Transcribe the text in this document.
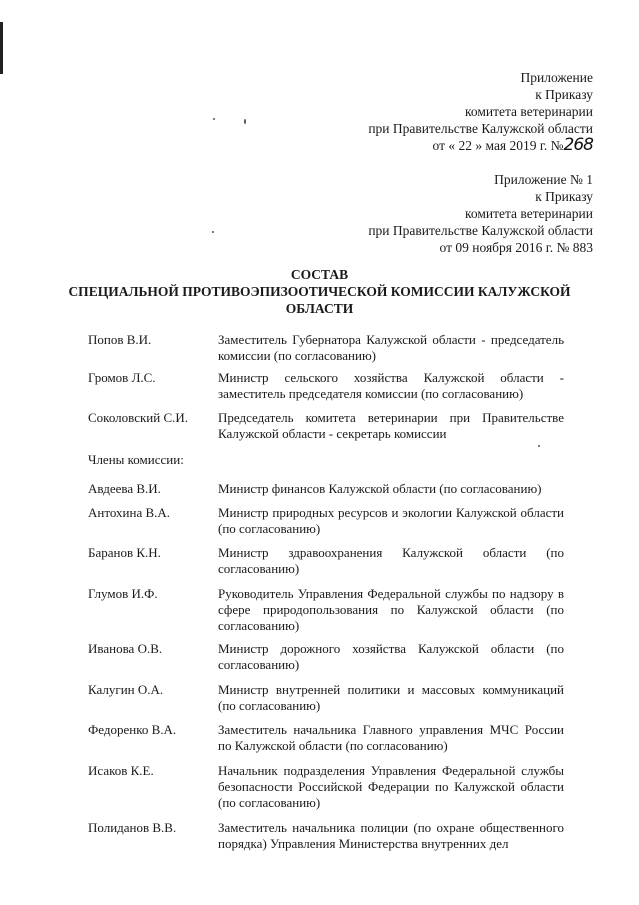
Приложение
к Приказу
комитета ветеринарии
при Правительстве Калужской области
от « 22 » мая 2019 г. №268
Приложение № 1
к Приказу
комитета ветеринарии
при Правительстве Калужской области
от 09 ноября 2016 г. № 883
СОСТАВ
СПЕЦИАЛЬНОЙ ПРОТИВОЭПИЗООТИЧЕСКОЙ КОМИССИИ КАЛУЖСКОЙ
ОБЛАСТИ
Попов В.И.	Заместитель Губернатора Калужской области - председатель комиссии (по согласованию)
Громов Л.С.	Министр сельского хозяйства Калужской области - заместитель председателя комиссии (по согласованию)
Соколовский С.И. Председатель комитета ветеринарии при Правительстве Калужской области - секретарь комиссии
Члены комиссии:
Авдеева В.И.	Министр финансов Калужской области (по согласованию)
Антохина В.А.	Министр природных ресурсов и экологии Калужской области (по согласованию)
Баранов К.Н.	Министр здравоохранения Калужской области (по согласованию)
Глумов И.Ф.	Руководитель Управления Федеральной службы по надзору в сфере природопользования по Калужской области (по согласованию)
Иванова О.В.	Министр дорожного хозяйства Калужской области (по согласованию)
Калугин О.А.	Министр внутренней политики и массовых коммуникаций (по согласованию)
Федоренко В.А.	Заместитель начальника Главного управления МЧС России по Калужской области (по согласованию)
Исаков К.Е.	Начальник подразделения Управления Федеральной службы безопасности Российской Федерации по Калужской области (по согласованию)
Полиданов В.В.	Заместитель начальника полиции (по охране общественного порядка) Управления Министерства внутренних дел
